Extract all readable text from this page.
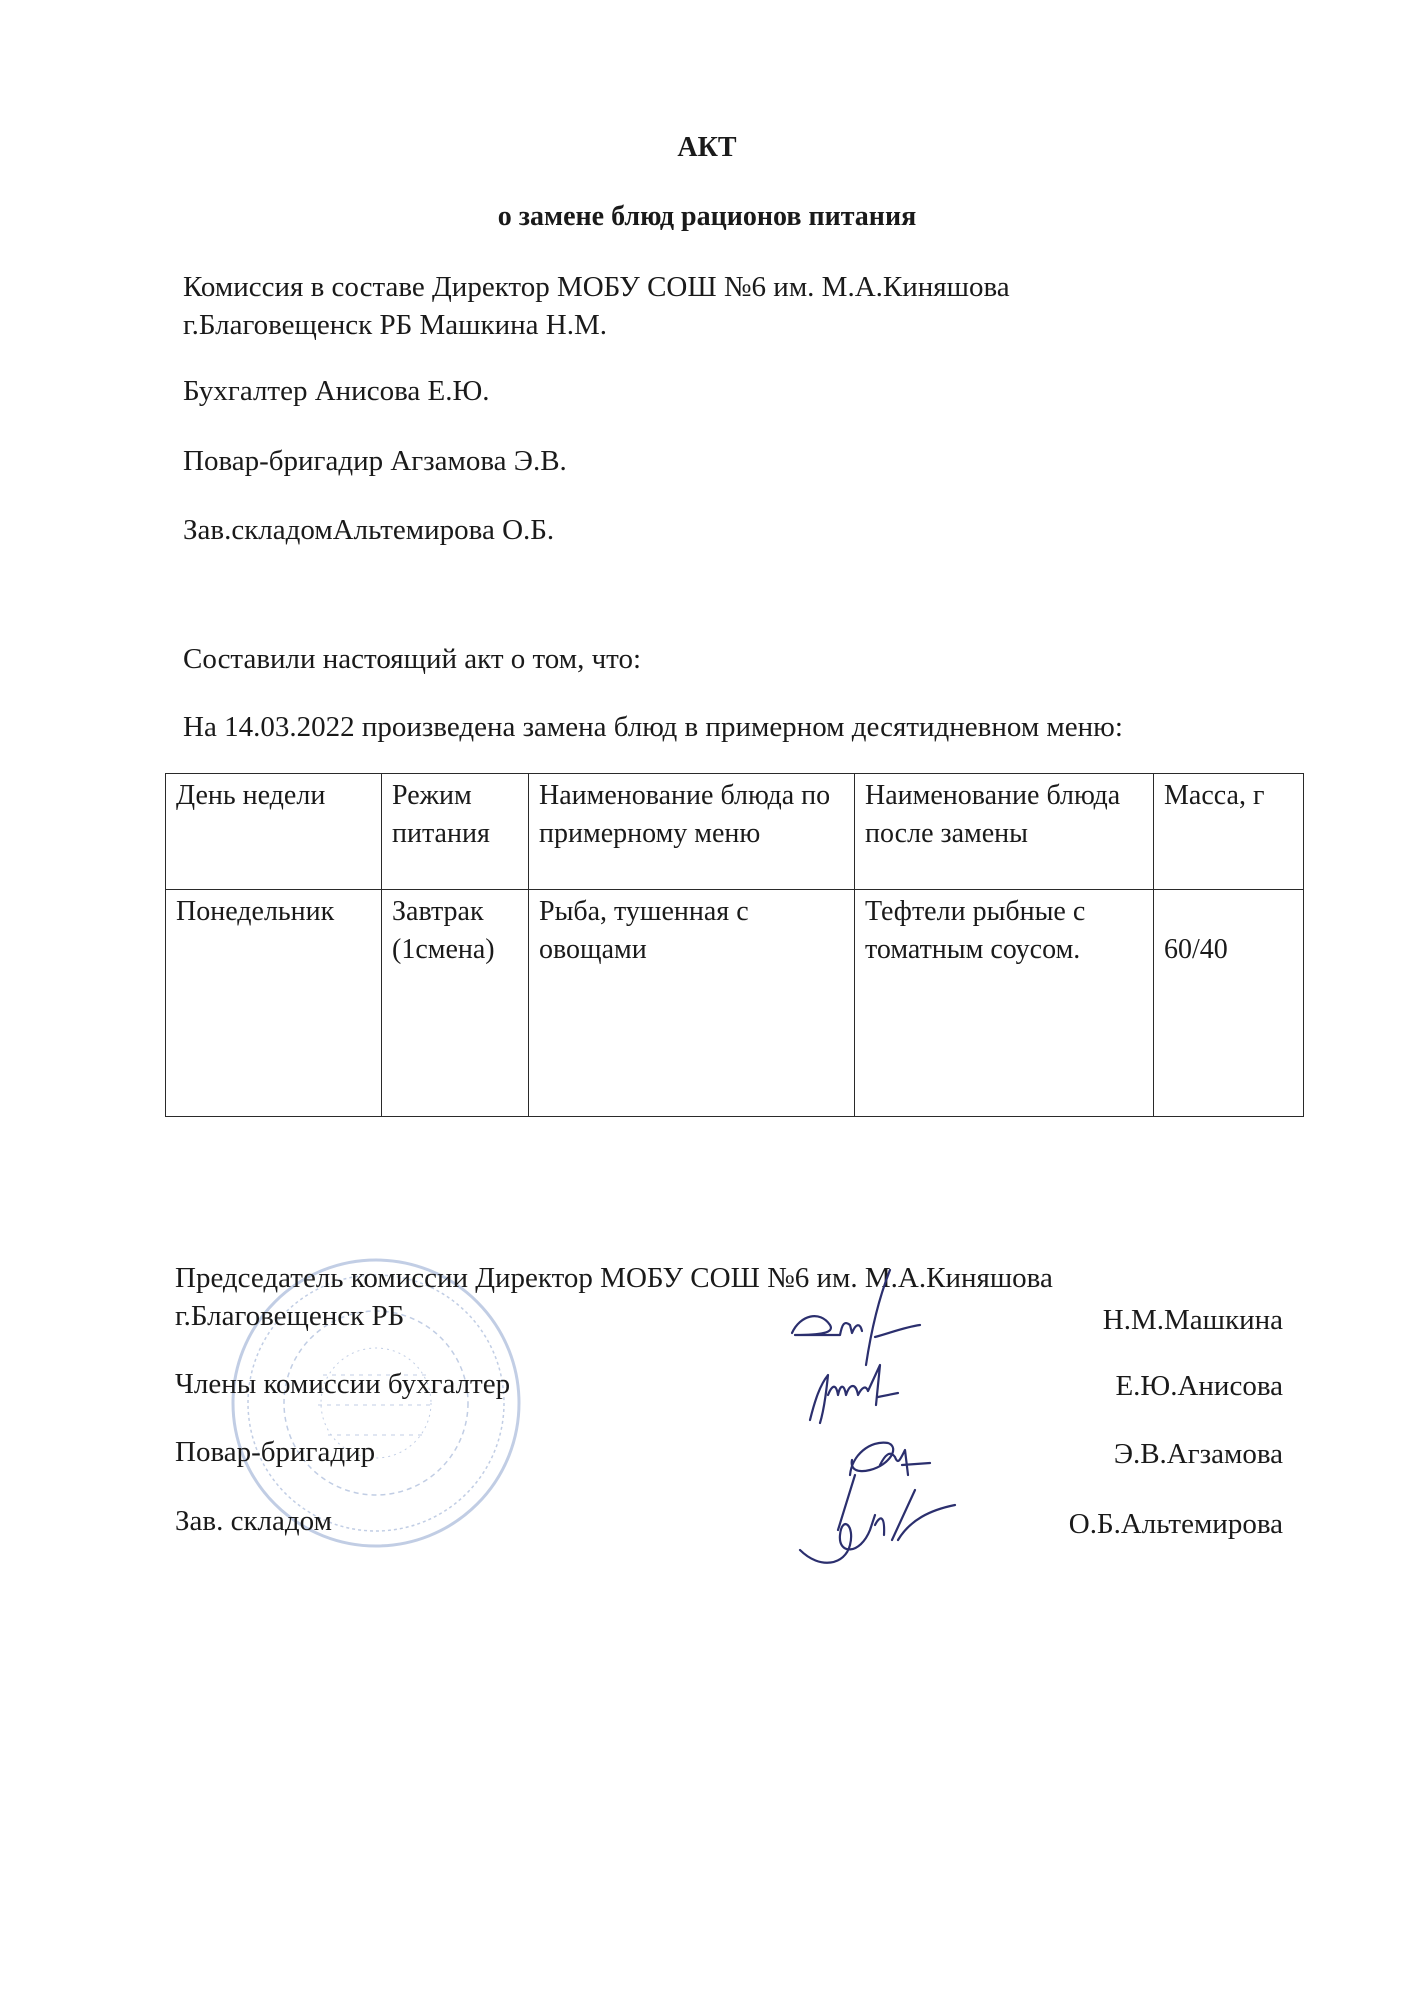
АКТ
о замене блюд рационов питания
Комиссия в составе Директор МОБУ СОШ №6 им. М.А.Киняшова
г.Благовещенск РБ Машкина Н.М.
Бухгалтер Анисова Е.Ю.
Повар-бригадир Агзамова Э.В.
Зав.складомАльтемирова О.Б.
Составили настоящий акт о том, что:
На 14.03.2022 произведена замена блюд в примерном десятидневном меню:
День недели	Режим питания	Наименование блюда по примерному меню	Наименование блюда после замены	Масса, г
Понедельник	Завтрак (1смена)	Рыба, тушенная с овощами	Тефтели рыбные с томатным соусом.	60/40
Председатель комиссии Директор МОБУ СОШ №6 им. М.А.Киняшова
г.Благовещенск РБ	Н.М.Машкина
Члены комиссии бухгалтер	Е.Ю.Анисова
Повар-бригадир	Э.В.Агзамова
Зав. складом	О.Б.Альтемирова
